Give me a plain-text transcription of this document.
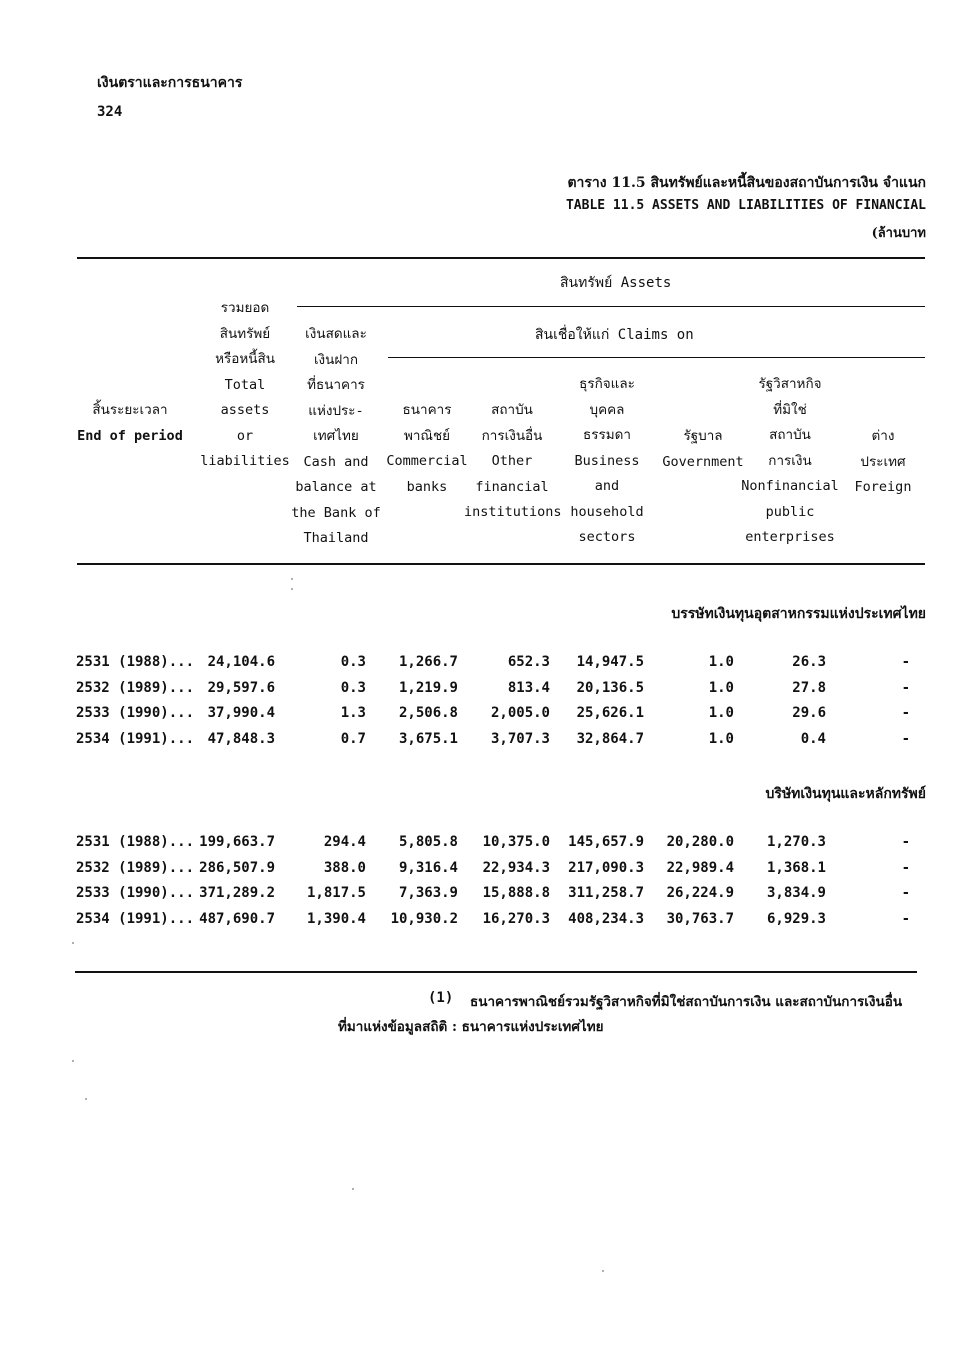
เงินตราและการธนาคาร
324
ตาราง 11.5 สินทรัพย์และหนี้สินของสถาบันการเงิน จำแนก
TABLE 11.5 ASSETS AND LIABILITIES OF FINANCIAL
(ล้านบาท
สินทรัพย์ Assets
สินเชื่อให้แก่ Claims on
สิ้นระยะเวลา
End of period
รวมยอด
สินทรัพย์
หรือหนี้สิน
Total
assets
or
liabilities
เงินสดและ
เงินฝาก
ที่ธนาคาร
แห่งประ-
เทศไทย
Cash and
balance at
the Bank of
Thailand
ธนาคาร
พาณิชย์
Commercial
banks
สถาบัน
การเงินอื่น
Other
financial
institutions
ธุรกิจและ
บุคคล
ธรรมดา
Business
and
household
sectors
รัฐบาล
Government
รัฐวิสาหกิจ
ที่มิใช่
สถาบัน
การเงิน
Nonfinancial
public
enterprises
ต่าง
ประเทศ
Foreign
บรรษัทเงินทุนอุตสาหกรรมแห่งประเทศไทย
2531 (1988)... 24,104.6	0.3	1,266.7	652.3	14,947.5	1.0	26.3	-
2532 (1989)... 29,597.6	0.3	1,219.9	813.4	20,136.5	1.0	27.8	-
2533 (1990)... 37,990.4	1.3	2,506.8	2,005.0	25,626.1	1.0	29.6	-
2534 (1991)... 47,848.3	0.7	3,675.1	3,707.3	32,864.7	1.0	0.4	-
บริษัทเงินทุนและหลักทรัพย์
2531 (1988)... 199,663.7	294.4	5,805.8	10,375.0	145,657.9	20,280.0	1,270.3	-
2532 (1989)... 286,507.9	388.0	9,316.4	22,934.3	217,090.3	22,989.4	1,368.1	-
2533 (1990)... 371,289.2	1,817.5	7,363.9	15,888.8	311,258.7	26,224.9	3,834.9	-
2534 (1991)... 487,690.7	1,390.4	10,930.2	16,270.3	408,234.3	30,763.7	6,929.3	-
(1) ธนาคารพาณิชย์รวมรัฐวิสาหกิจที่มิใช่สถาบันการเงิน และสถาบันการเงินอื่น
ที่มาแห่งข้อมูลสถิติ : ธนาคารแห่งประเทศไทย
